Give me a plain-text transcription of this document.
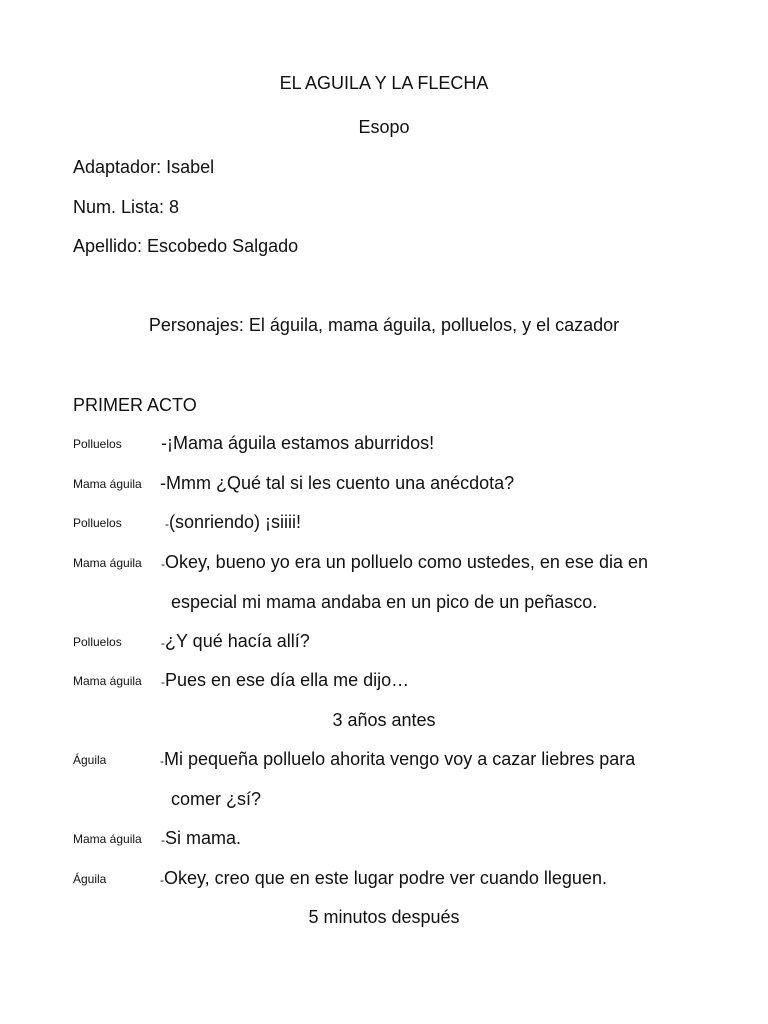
EL AGUILA Y LA FLECHA
Esopo
Adaptador: Isabel
Num. Lista: 8
Apellido: Escobedo Salgado
Personajes: El águila, mama águila, polluelos, y el cazador
PRIMER ACTO
Polluelos -¡Mama águila estamos aburridos!
Mama águila -Mmm ¿Qué tal si les cuento una anécdota?
Polluelos	-(sonriendo) ¡siiii!
Mama águila -Okey, bueno yo era un polluelo como ustedes, en ese dia en
especial mi mama andaba en un pico de un peñasco.
Polluelos	-¿Y qué hacía allí?
Mama águila -Pues en ese día ella me dijo…
3 años antes
Águila	-Mi pequeña polluelo ahorita vengo voy a cazar liebres para
comer ¿sí?
Mama águila -Si mama.
Águila	-Okey, creo que en este lugar podre ver cuando lleguen.
5 minutos después
